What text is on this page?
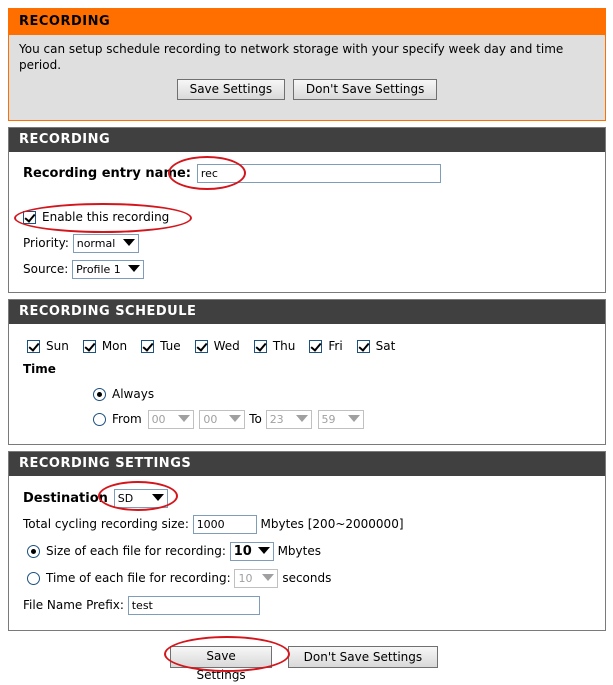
RECORDING
You can setup schedule recording to network storage with your specify week day and time period.
Save Settings	Don't Save Settings
RECORDING
Recording entry name: rec
Enable this recording
Priority: normal
Source: Profile 1
RECORDING SCHEDULE
Sun	Mon	Tue	Wed	Thu	Fri	Sat
Time
Always
From 00	00	To 23	59
RECORDING SETTINGS
Destination SD
Total cycling recording size: 1000	Mbytes [200~2000000]
Size of each file for recording: 10 Mbytes
Time of each file for recording: 10 seconds
File Name Prefix: test
Save Settings Don't Save Settings
